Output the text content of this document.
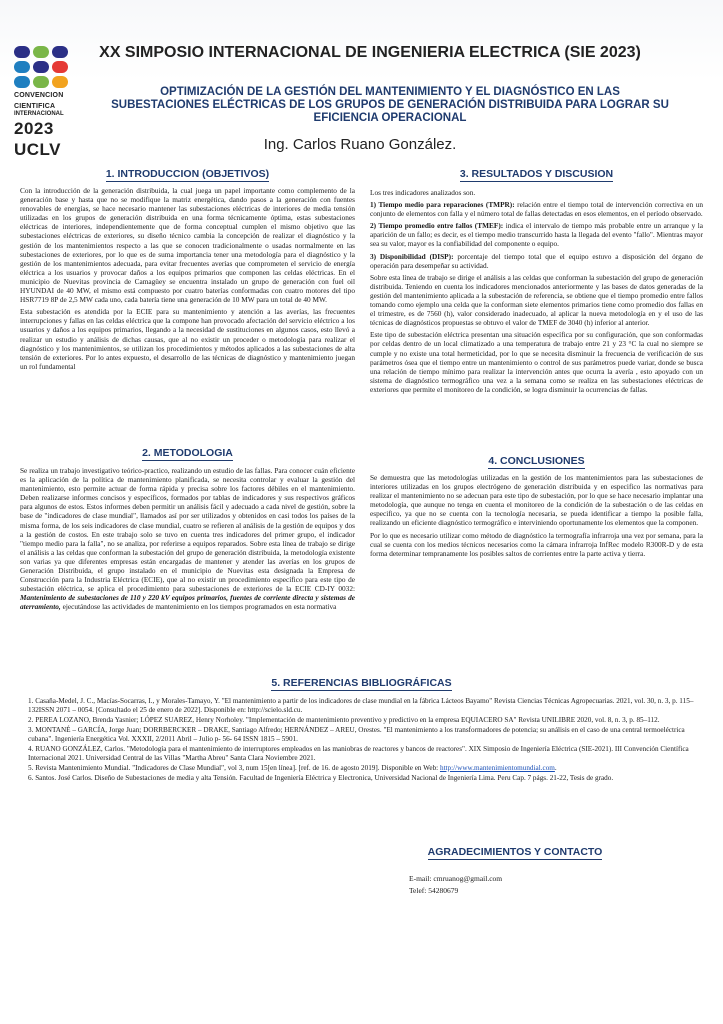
CONVENCION
CIENTIFICA
INTERNACIONAL
2023
UCLV
XX SIMPOSIO INTERNACIONAL DE INGENIERIA ELECTRICA (SIE 2023)
OPTIMIZACIÓN DE LA GESTIÓN DEL MANTENIMIENTO Y EL DIAGNÓSTICO EN LAS SUBESTACIONES ELÉCTRICAS DE LOS GRUPOS DE GENERACIÓN DISTRIBUIDA PARA LOGRAR SU EFICIENCIA OPERACIONAL
Ing. Carlos Ruano González.
1. INTRODUCCION (OBJETIVOS)

Con la introducción de la generación distribuida, la cual juega un papel importante como complemento de la generación base y hasta que no se modifique la matriz energética, dando pasos a la generación con fuentes renovables de energías, se hace necesario mantener las subestaciones eléctricas de interiores de media tensión utilizadas en los grupos de generación distribuida en una forma técnicamente óptima, estas subestaciones eléctricas de interiores, independientemente que de forma conceptual cumplen el mismo objetivo que las subestaciones eléctricas de exteriores, su diseño técnico cambia la concepción de realizar el diagnóstico y la gestión de los mantenimientos respecto a las que se conocen tradicionalmente o usadas normalmente en las subestaciones de exteriores, por lo que es de suma importancia tener una metodología para el diagnóstico y la gestión de los mantenimientos adecuada, para evitar frecuentes averías que comprometen el servicio de energía eléctrica a los usuarios y provocar daños a los equipos primarios que componen las celdas eléctricas. En el municipio de Nuevitas provincia de Camagüey se encuentra instalado un grupo de generación con fuel oil HYUNDAI de 40 MW, el mismo está compuesto por cuatro baterías conformadas con cuatro motores del tipo HSR7719 8P de 2,5 MW cada uno, cada batería tiene una generación de 10 MW para un total de 40 MW.

Esta subestación es atendida por la ECIE para su mantenimiento y atención a las averías, las frecuentes interrupciones y fallas en las celdas eléctrica que la compone han provocado afectación del servicio eléctrico a los usuarios y daños a los equipos primarios, llegando a la necesidad de sustituciones en algunos casos, esto llevó a realizar un estudio y análisis de dichas causas, que al no existir un proceder o metodología para realizar el diagnóstico y los mantenimientos, se utilizan los procedimientos y métodos aplicados a las subestaciones de alta tensión de exteriores. Por lo antes expuesto, el desarrollo de las técnicas de diagnóstico y mantenimiento juegan un rol fundamental

2. METODOLOGIA

Se realiza un trabajo investigativo teórico-practico, realizando un estudio de las fallas. Para conocer cuán eficiente es la aplicación de la política de mantenimiento planificada, se necesita controlar y evaluar la gestión del mantenimiento, esto permite actuar de forma rápida y precisa sobre los factores débiles en el mantenimiento. Deben realizarse informes concisos y específicos, formados por tablas de indicadores y sus respectivos gráficos para algunos de estos. Estos informes deben permitir un análisis fácil y adecuado a cada nivel de gestión, sobre la base de "indicadores de clase mundial", llamados así por ser utilizados y obtenidos en casi todos los países de la misma forma, de los seis indicadores de clase mundial, cuatro se refieren al análisis de la gestión de equipos y dos a la gestión de costos. En este trabajo solo se tuvo en cuenta tres indicadores del primer grupo, el indicador "tiempo medio para la falla", no se analiza, por referirse a equipos reparados. Sobre esta línea de trabajo se dirige el análisis a las celdas que conforman la subestación del grupo de generación distribuida, la metodología existente son varias ya que diferentes empresas están encargadas de mantener y atender las averías en los grupos de Generación Distribuida, el grupo instalado en el municipio de Nuevitas esta designada la Empresa de Construcción para la Industria Eléctrica (ECIE), que al no existir un procedimiento específico para este tipo de subestación eléctrica, se aplica el procedimiento para subestaciones de exteriores de la ECIE CD-IY 0032: Mantenimiento de subestaciones de 110 y 220 kV equipos primarios, fuentes de corriente directa y sistemas de aterramiento, ejecutándose las actividades de mantenimiento en los tiempos programados en esta normativa

3. RESULTADOS Y DISCUSION

Los tres indicadores analizados son.

1) Tiempo medio para reparaciones (TMPR): relación entre el tiempo total de intervención correctiva en un conjunto de elementos con falla y el número total de fallas detectadas en esos elementos, en el período observado.

2) Tiempo promedio entre fallos (TMEF): indica el intervalo de tiempo más probable entre un arranque y la aparición de un fallo; es decir, es el tiempo medio transcurrido hasta la llegada del evento "fallo". Mientras mayor sea su valor, mayor es la confiabilidad del componente o equipo.

3) Disponibilidad (DISP): porcentaje del tiempo total que el equipo estuvo a disposición del órgano de operación para desempeñar su actividad.

Sobre esta línea de trabajo se dirige el análisis a las celdas que conforman la subestación del grupo de generación distribuida. Teniendo en cuenta los indicadores mencionados anteriormente y las bases de datos generadas de la gestión del mantenimiento aplicada a la subestación de referencia, se obtiene que el tiempo promedio entre fallos tomando como ejemplo una celda que la conforman siete elementos primarios tiene como promedio dos fallas en el trimestre, es de 7560 (h), valor considerado inadecuado, al aplicar la nueva metodología en y el uso de las técnicas de diagnósticos propuestas se obtuvo el valor de TMEF de 3040 (h) inferior al anterior.

Este tipo de subestación eléctrica presentan una situación específica por su configuración, que son conformadas por celdas dentro de un local climatizado a una temperatura de trabajo entre 21 y 23 °C la cual no siempre se cumple y no existe una total hermeticidad, por lo que se necesita disminuir la frecuencia de verificación de sus parámetros ósea que el tiempo entre un mantenimiento o control de sus parámetros puede variar, donde se busca una relación de tiempo mínimo para realizar la intervención antes que ocurra la avería , esto apoyado con un sistema de diagnóstico termográfico una vez a la semana como se realiza en las subestaciones eléctricas de exteriores que permite el monitoreo de la condición, se logra disminuir la ocurrencias de fallas.

4. CONCLUSIONES

Se demuestra que las metodologías utilizadas en la gestión de los mantenimientos para las subestaciones de interiores utilizadas en los grupos electrógeno de generación distribuida y en especifico las normativas para realizar el mantenimiento no se adecuan para este tipo de subestación, por lo que se hace necesario implantar una metodología, que aunque no tenga en cuenta el monitoreo de la condición de la subestación o de las celdas en especifico, ya que no se cuenta con la tecnología necesaria, se pueda identificar a tiempo la posible falla, realizando un eficiente diagnóstico termográfico e interviniendo oportunamente los elementos que la componen.

Por lo que es necesario utilizar como método de diagnóstico la termografía infrarroja una vez por semana, para la cual se cuenta con los medios técnicos necesarios como la cámara infrarroja InfRec modelo R300R-D y de esta forma determinar tempranamente los posibles saltos de corrientes entre la parte activa y tierra.

5. REFERENCIAS BIBLIOGRÁFICAS

1. Casaña-Medel, J. C., Macías-Socarras, I., y Morales-Tamayo, Y. "El mantenimiento a partir de los indicadores de clase mundial en la fábrica Lácteos Bayamo" Revista Ciencias Técnicas Agropecuarias. 2021, vol. 30, n. 3, p. 115–132ISSN 2071 – 0054. [Consultado el 25 de enero de 2022]. Disponible en: http://scielo.sld.cu.

2. PEREA LOZANO, Brenda Yasnier; LÓPEZ SUAREZ, Henry Norholey. "Implementación de mantenimiento preventivo y predictivo en la empresa EQUIACERO SA" Revista UNILIBRE 2020, vol. 8, n. 3, p. 85–112.

3. MONTANÉ – GARCÍA, Jorge Juan; DORRBERCKER – DRAKE, Santiago Alfredo; HERNÁNDEZ – AREU, Orestes. "El mantenimiento a los transformadores de potencia; su análisis en el caso de una central termoeléctrica cubana". Ingeniería Energética Vol. XXXII, 2/2011 Abril – Julio p- 56- 64 ISSN 1815 – 5901.

4. RUANO GONZÁLEZ, Carlos. "Metodología para el mantenimiento de interruptores empleados en las maniobras de reactores y bancos de reactores". XIX Simposio de Ingeniería Eléctrica (SIE-2021). III Convención Científica Internacional 2021. Universidad Central de las Villas "Martha Abreu" Santa Clara Noviembre 2021.

5. Revista Mantenimiento Mundial. "Indicadores de Clase Mundial", vol 3, num 15[en línea]. [ref. de 16. de agosto 2019]. Disponible en Web: http://www.mantenimientomundial.com.

6. Santos. José Carlos. Diseño de Subestaciones de media y alta Tensión. Facultad de Ingeniería Eléctrica y Electronica, Universidad Nacional de Ingeniería Lima. Peru Cap. 7 págs. 21-22, Tesis de grado.

AGRADECIMIENTOS Y CONTACTO
E-mail: cmruanog@gmail.com
Telef: 54280679
